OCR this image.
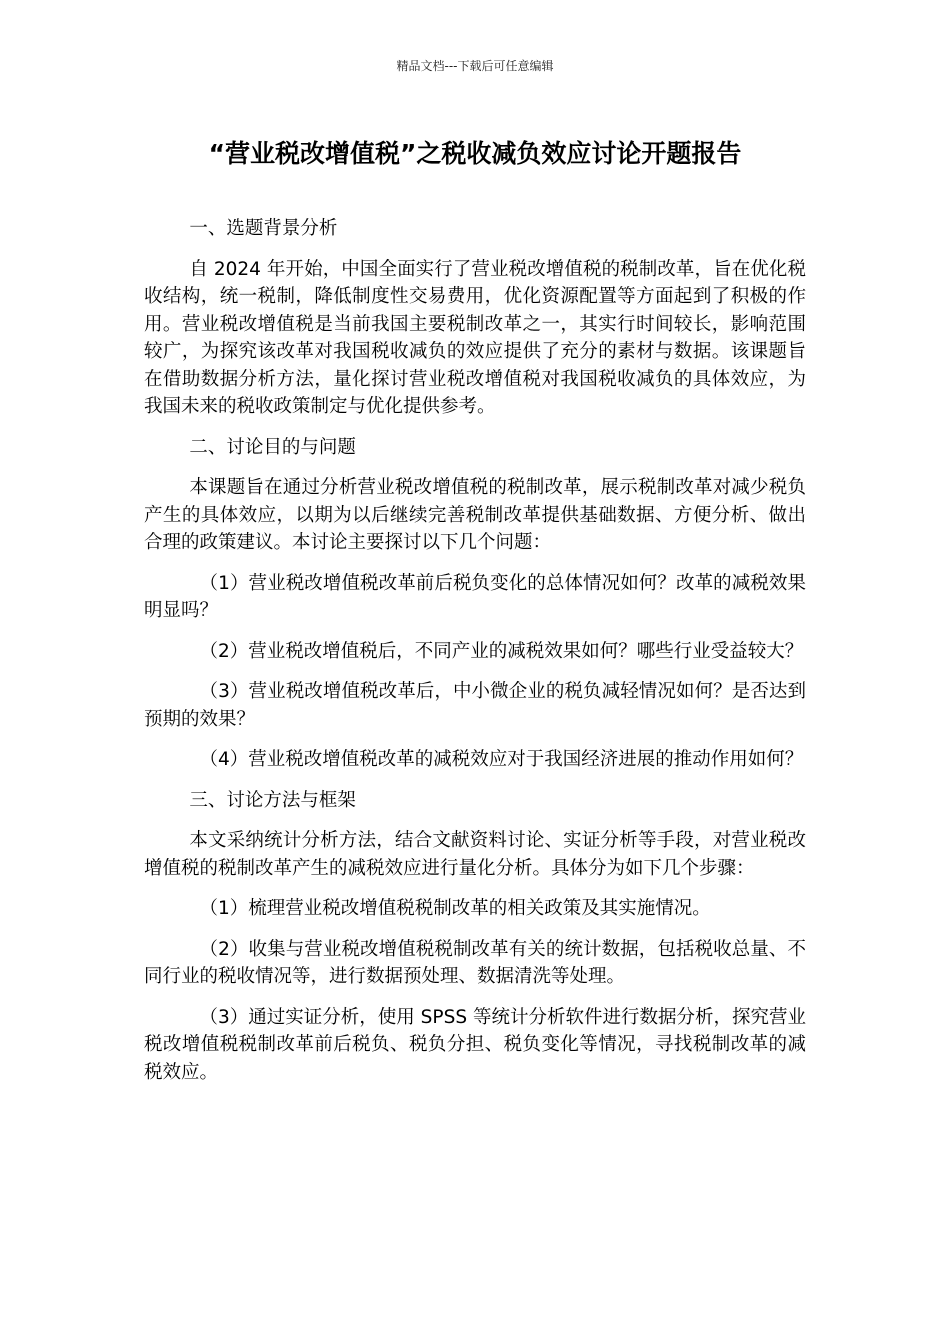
精品文档---下载后可任意编辑
“营业税改增值税”之税收减负效应讨论开题报告

一、选题背景分析

自 2024 年开始，中国全面实行了营业税改增值税的税制改革，旨在优化税收结构，统一税制，降低制度性交易费用，优化资源配置等方面起到了积极的作用。营业税改增值税是当前我国主要税制改革之一，其实行时间较长，影响范围较广，为探究该改革对我国税收减负的效应提供了充分的素材与数据。该课题旨在借助数据分析方法，量化探讨营业税改增值税对我国税收减负的具体效应，为我国未来的税收政策制定与优化提供参考。

二、讨论目的与问题

本课题旨在通过分析营业税改增值税的税制改革，展示税制改革对减少税负产生的具体效应，以期为以后继续完善税制改革提供基础数据、方便分析、做出合理的政策建议。本讨论主要探讨以下几个问题：

（1）营业税改增值税改革前后税负变化的总体情况如何？改革的减税效果明显吗？

（2）营业税改增值税后，不同产业的减税效果如何？哪些行业受益较大？

（3）营业税改增值税改革后，中小微企业的税负减轻情况如何？是否达到预期的效果？

（4）营业税改增值税改革的减税效应对于我国经济进展的推动作用如何？

三、讨论方法与框架

本文采纳统计分析方法，结合文献资料讨论、实证分析等手段，对营业税改增值税的税制改革产生的减税效应进行量化分析。具体分为如下几个步骤：

（1）梳理营业税改增值税税制改革的相关政策及其实施情况。

（2）收集与营业税改增值税税制改革有关的统计数据，包括税收总量、不同行业的税收情况等，进行数据预处理、数据清洗等处理。

（3）通过实证分析，使用 SPSS 等统计分析软件进行数据分析，探究营业税改增值税税制改革前后税负、税负分担、税负变化等情况，寻找税制改革的减税效应。
